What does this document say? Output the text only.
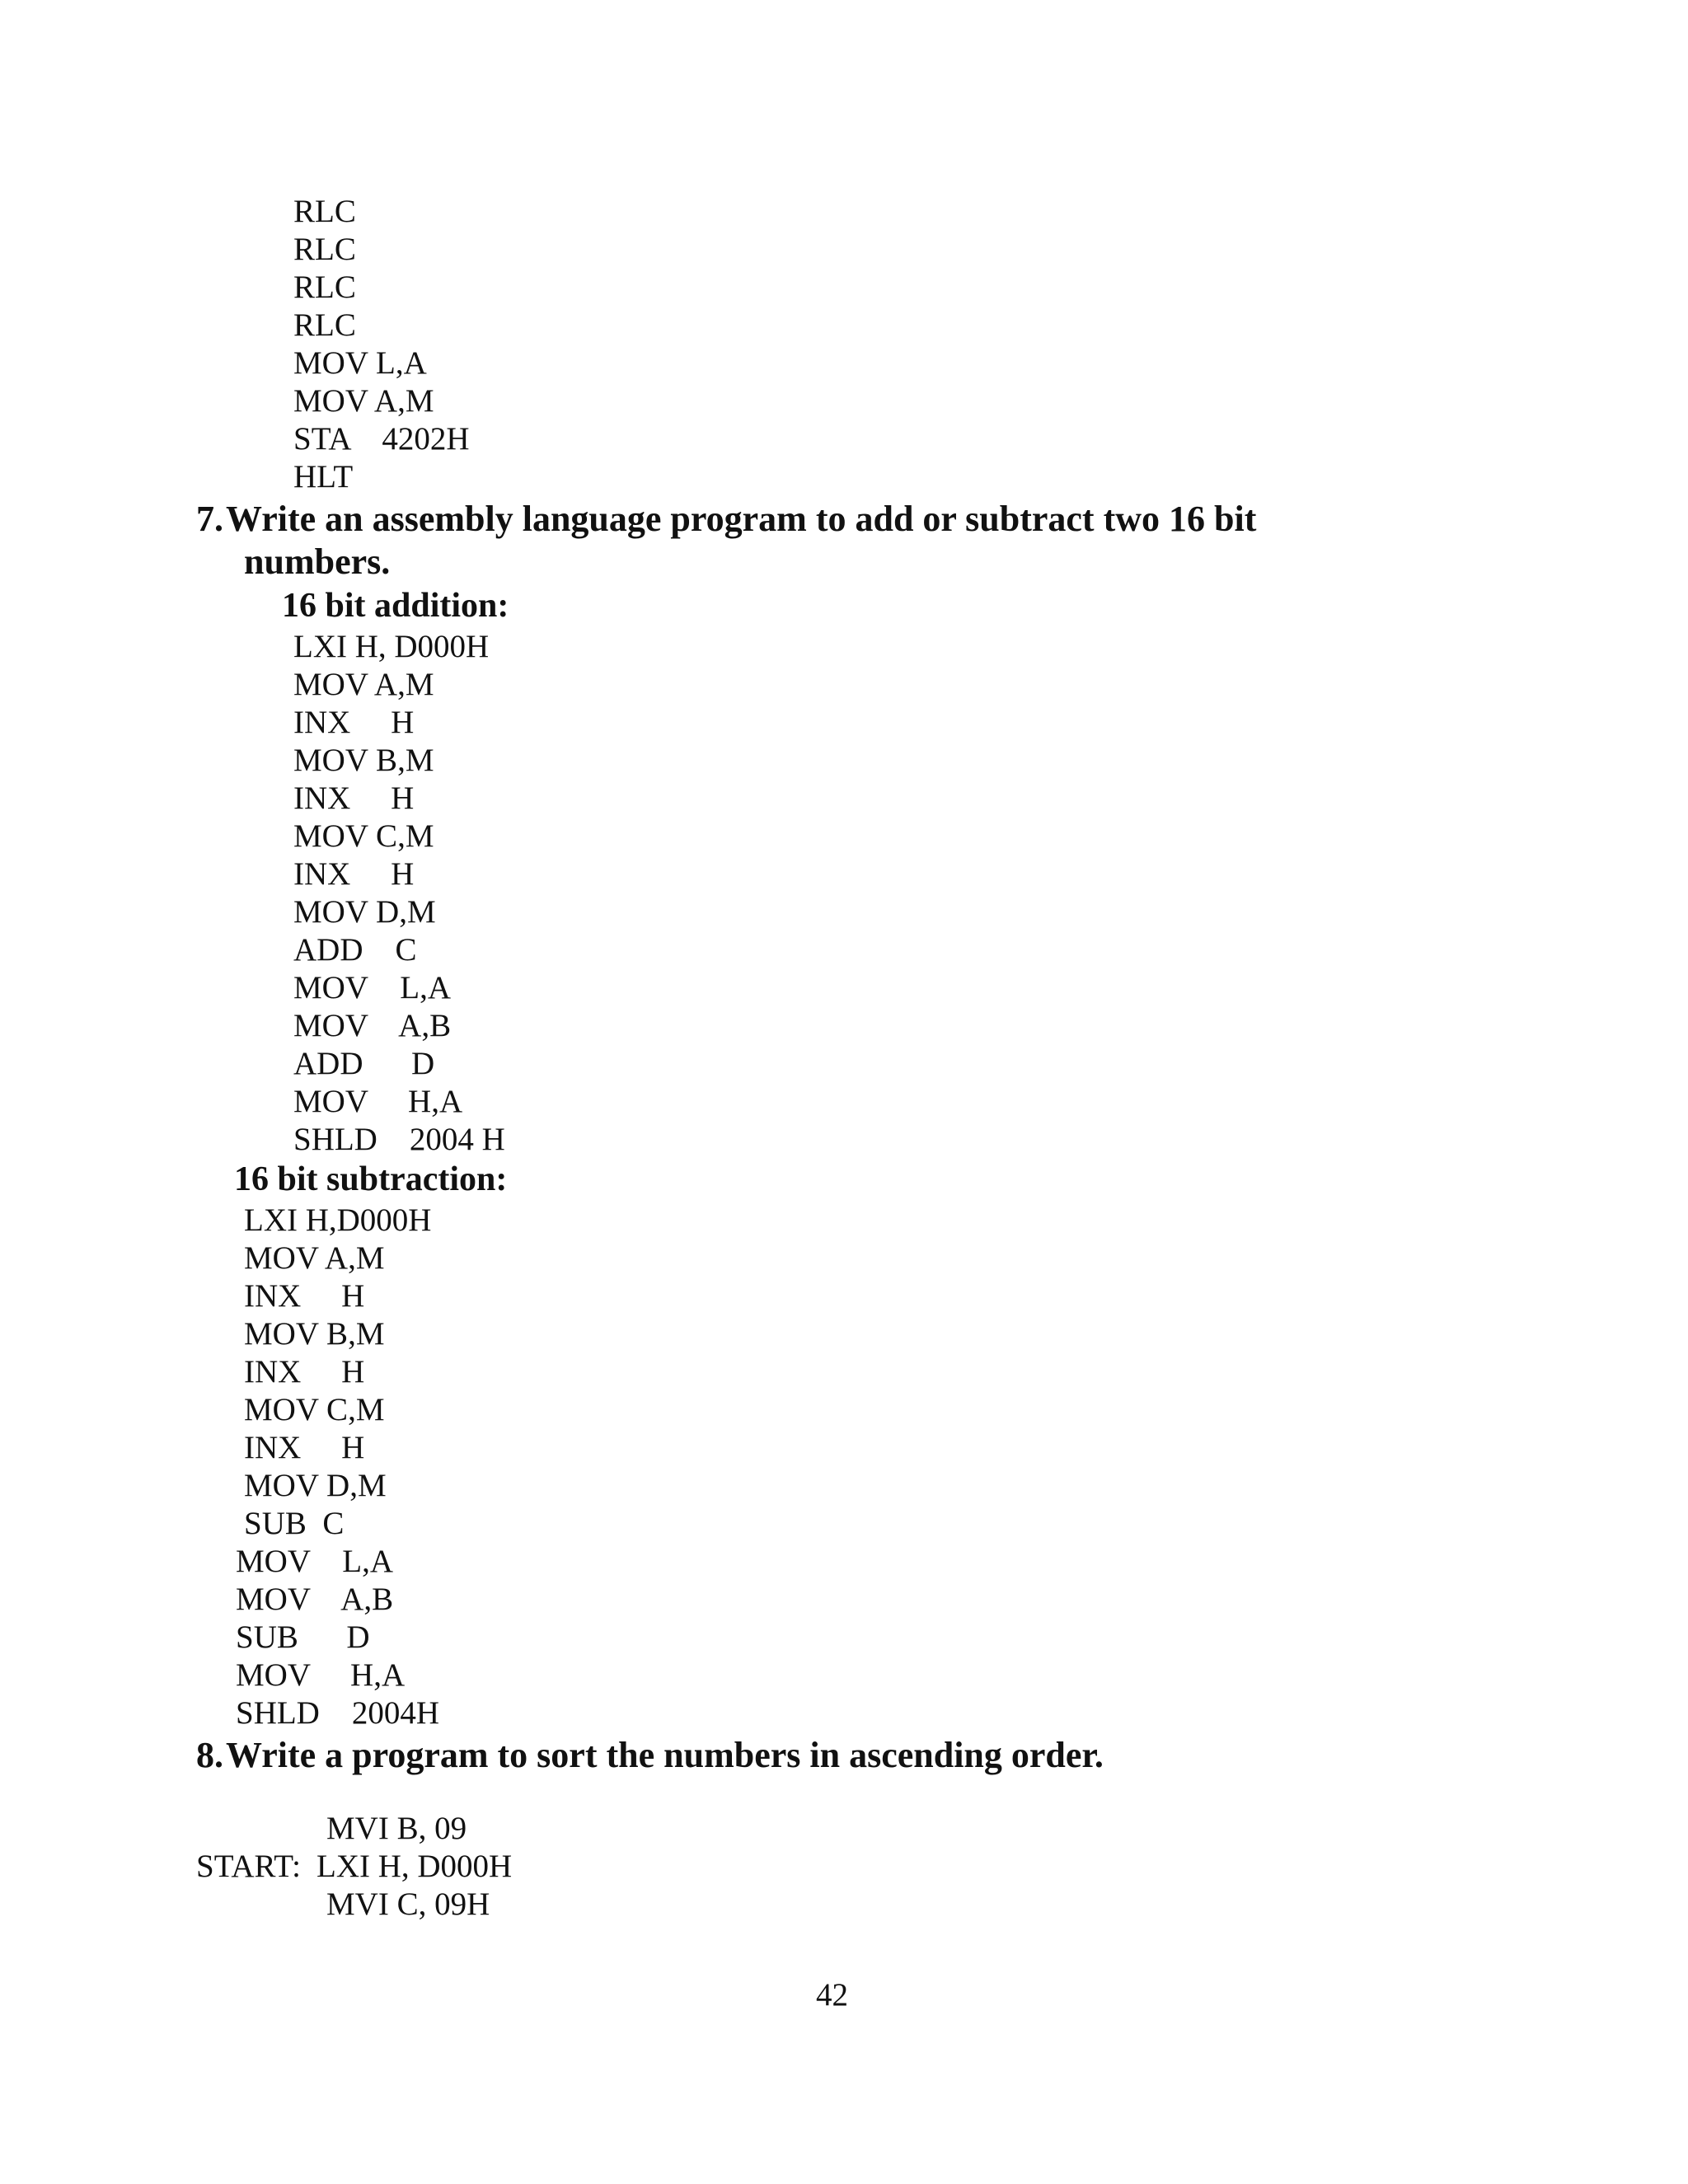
RLC
RLC
RLC
RLC
MOV L,A
MOV A,M
STA    4202H
HLT
7. Write an assembly language program to add or subtract two 16 bit
numbers.
16 bit addition:
LXI H, D000H
MOV A,M
INX     H
MOV B,M
INX     H
MOV C,M
INX     H
MOV D,M
ADD    C
MOV    L,A
MOV    A,B
ADD      D
MOV     H,A
SHLD    2004 H
16 bit subtraction:
LXI H,D000H
MOV A,M
INX     H
MOV B,M
INX     H
MOV C,M
INX     H
MOV D,M
SUB  C
MOV    L,A
MOV    A,B
SUB      D
MOV     H,A
SHLD    2004H
8. Write a program to sort the numbers in ascending order.
MVI B, 09
START: LXI H, D000H
MVI C, 09H
42
